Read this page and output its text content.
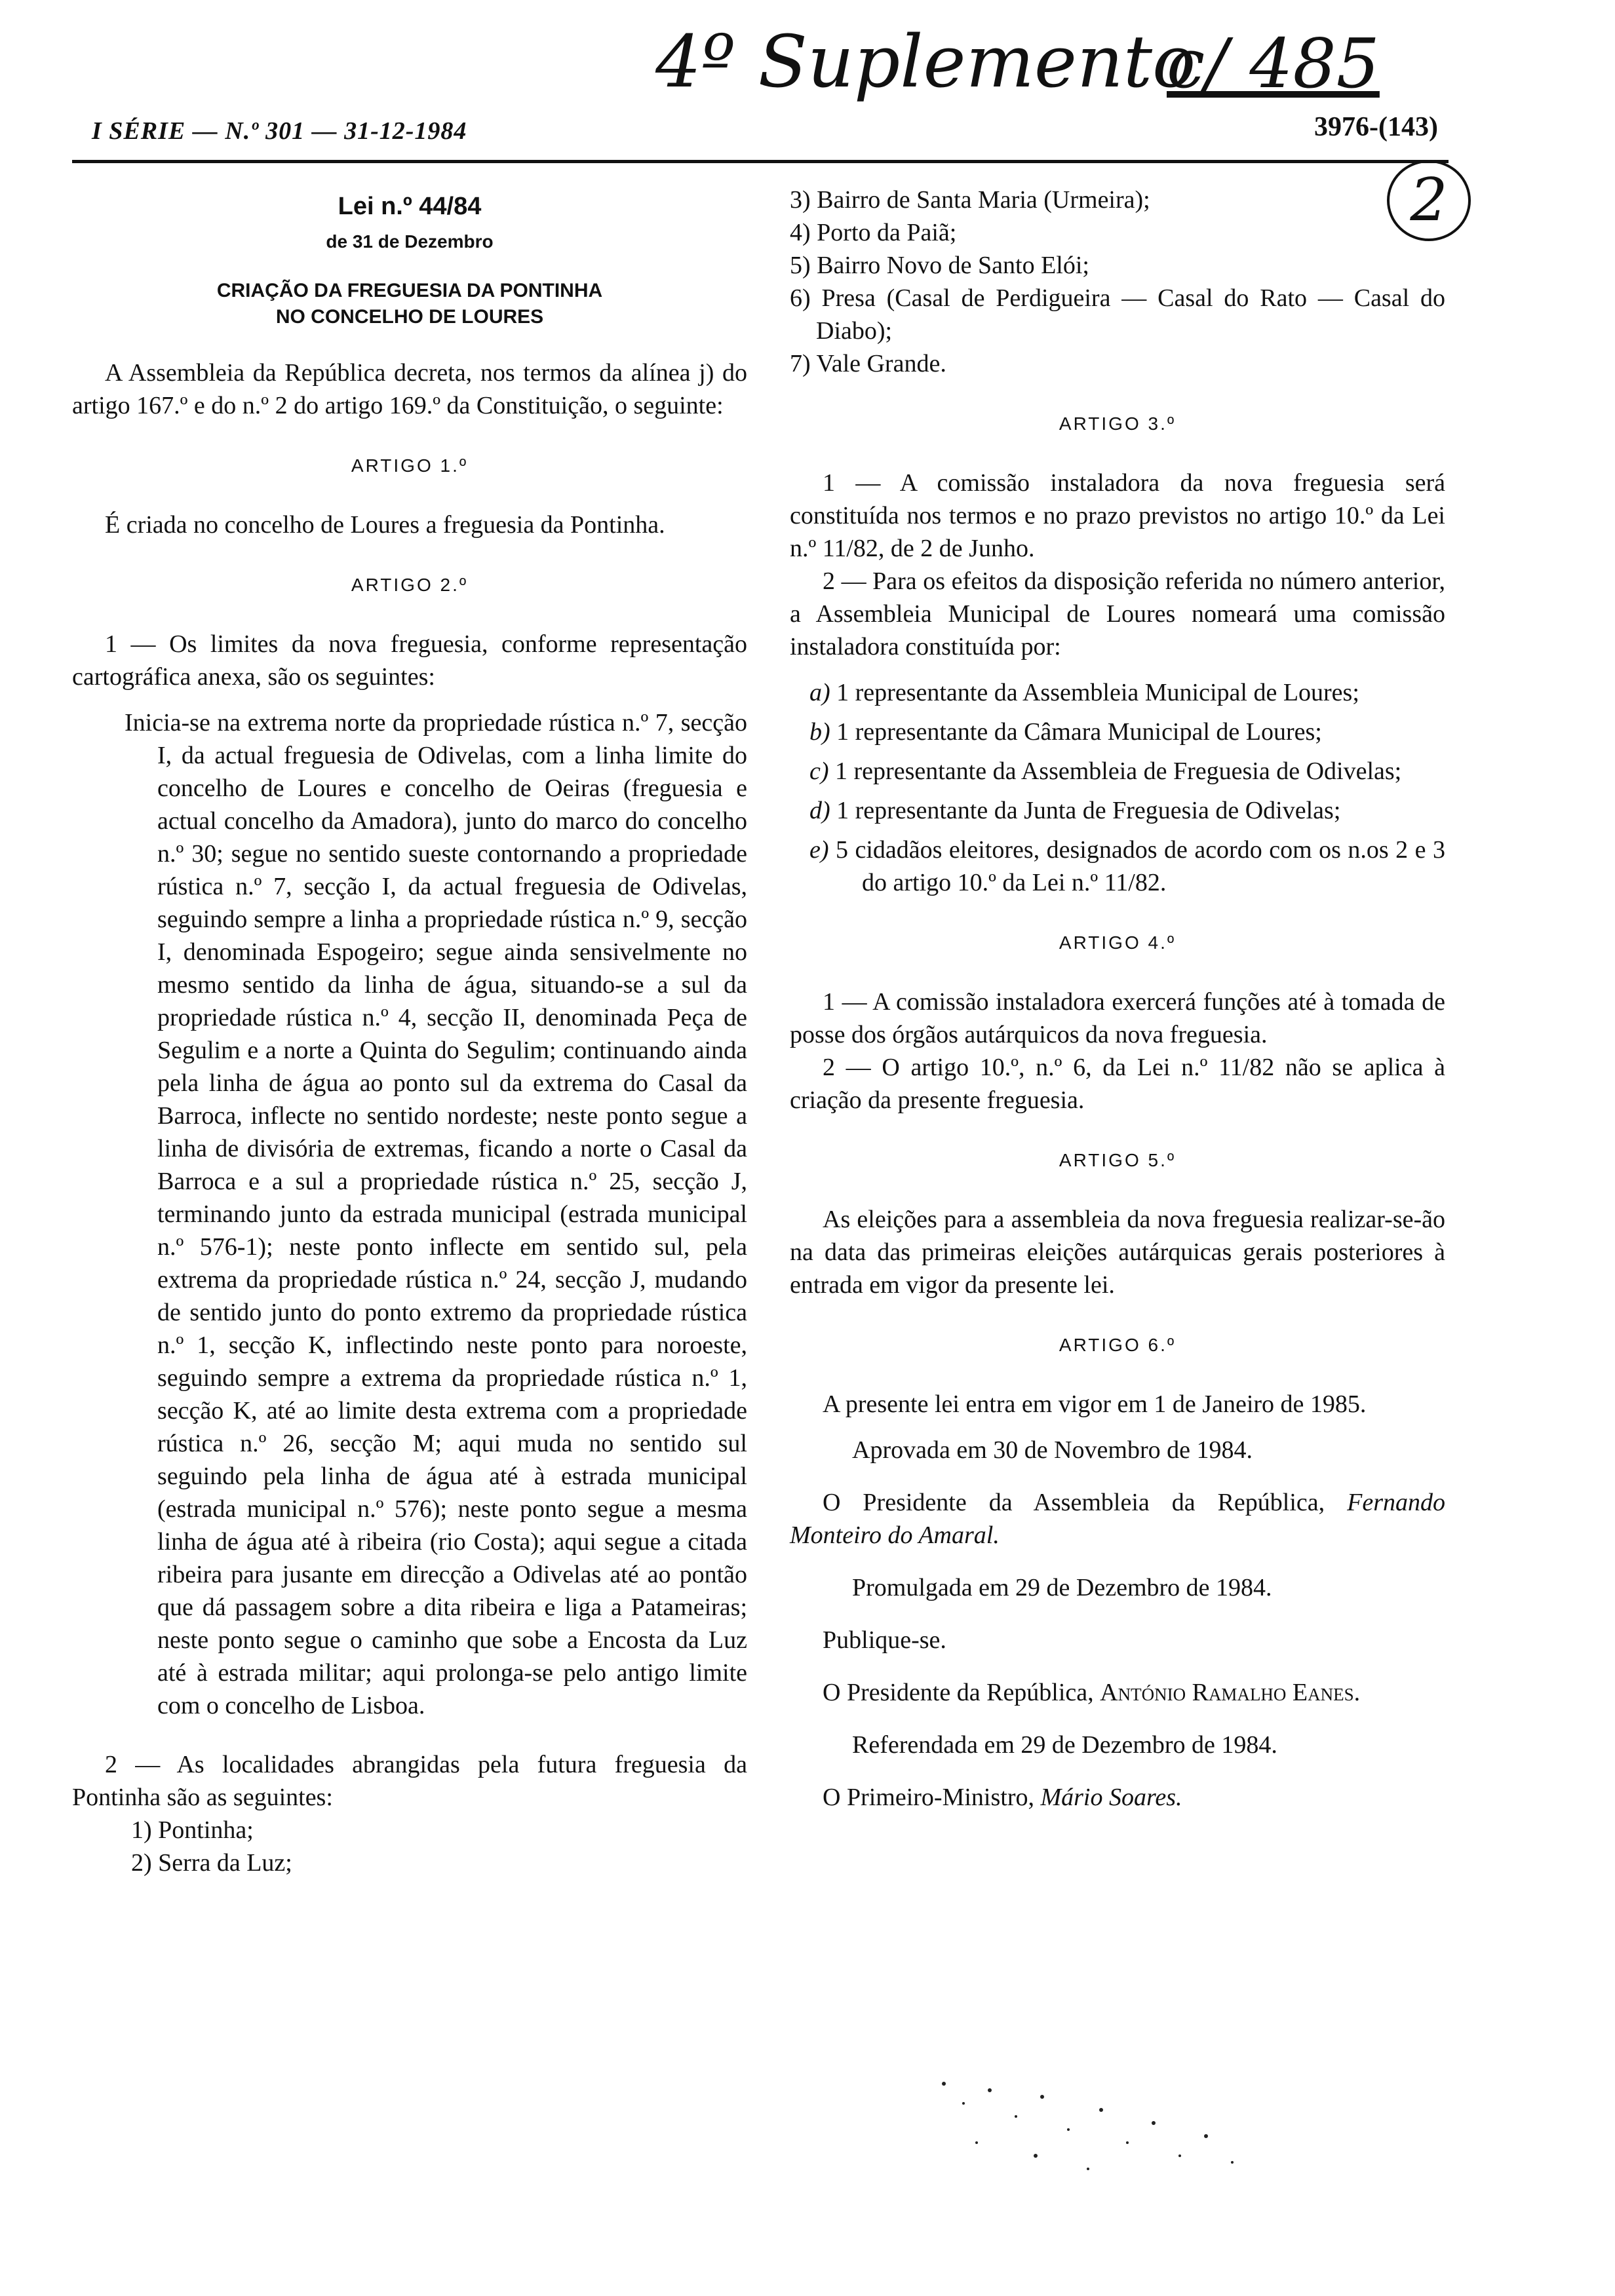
I SÉRIE — N.º 301 — 31-12-1984	3976-(143)
4º Suplemento
c/ 485
2

Lei n.º 44/84

de 31 de Dezembro

CRIAÇÃO DA FREGUESIA DA PONTINHA

NO CONCELHO DE LOURES

A Assembleia da República decreta, nos termos da alínea j) do artigo 167.º e do n.º 2 do artigo 169.º da Constituição, o seguinte:

ARTIGO 1.º

É criada no concelho de Loures a freguesia da Pontinha.

ARTIGO 2.º

1 — Os limites da nova freguesia, conforme representação cartográfica anexa, são os seguintes:

Inicia-se na extrema norte da propriedade rústica n.º 7, secção I, da actual freguesia de Odivelas, com a linha limite do concelho de Loures e concelho de Oeiras (freguesia e actual concelho da Amadora), junto do marco do concelho n.º 30; segue no sentido sueste contornando a propriedade rústica n.º 7, secção I, da actual freguesia de Odivelas, seguindo sempre a linha a propriedade rústica n.º 9, secção I, denominada Espogeiro; segue ainda sensivelmente no mesmo sentido da linha de água, situando-se a sul da propriedade rústica n.º 4, secção II, denominada Peça de Segulim e a norte a Quinta do Segulim; continuando ainda pela linha de água ao ponto sul da extrema do Casal da Barroca, inflecte no sentido nordeste; neste ponto segue a linha de divisória de extremas, ficando a norte o Casal da Barroca e a sul a propriedade rústica n.º 25, secção J, terminando junto da estrada municipal (estrada municipal n.º 576-1); neste ponto inflecte em sentido sul, pela extrema da propriedade rústica n.º 24, secção J, mudando de sentido junto do ponto extremo da propriedade rústica n.º 1, secção K, inflectindo neste ponto para noroeste, seguindo sempre a extrema da propriedade rústica n.º 1, secção K, até ao limite desta extrema com a propriedade rústica n.º 26, secção M; aqui muda no sentido sul seguindo pela linha de água até à estrada municipal (estrada municipal n.º 576); neste ponto segue a mesma linha de água até à ribeira (rio Costa); aqui segue a citada ribeira para jusante em direcção a Odivelas até ao pontão que dá passagem sobre a dita ribeira e liga a Patameiras; neste ponto segue o caminho que sobe a Encosta da Luz até à estrada militar; aqui prolonga-se pelo antigo limite com o concelho de Lisboa.

2 — As localidades abrangidas pela futura freguesia da Pontinha são as seguintes:

1) Pontinha;

2) Serra da Luz;

3) Bairro de Santa Maria (Urmeira);

4) Porto da Paiã;

5) Bairro Novo de Santo Elói;

6) Presa (Casal de Perdigueira — Casal do Rato — Casal do Diabo);

7) Vale Grande.

ARTIGO 3.º

1 — A comissão instaladora da nova freguesia será constituída nos termos e no prazo previstos no artigo 10.º da Lei n.º 11/82, de 2 de Junho.

2 — Para os efeitos da disposição referida no número anterior, a Assembleia Municipal de Loures nomeará uma comissão instaladora constituída por:

a) 1 representante da Assembleia Municipal de Loures;

b) 1 representante da Câmara Municipal de Loures;

c) 1 representante da Assembleia de Freguesia de Odivelas;

d) 1 representante da Junta de Freguesia de Odivelas;

e) 5 cidadãos eleitores, designados de acordo com os n.os 2 e 3 do artigo 10.º da Lei n.º 11/82.

ARTIGO 4.º

1 — A comissão instaladora exercerá funções até à tomada de posse dos órgãos autárquicos da nova freguesia.

2 — O artigo 10.º, n.º 6, da Lei n.º 11/82 não se aplica à criação da presente freguesia.

ARTIGO 5.º

As eleições para a assembleia da nova freguesia realizar-se-ão na data das primeiras eleições autárquicas gerais posteriores à entrada em vigor da presente lei.

ARTIGO 6.º

A presente lei entra em vigor em 1 de Janeiro de 1985.

Aprovada em 30 de Novembro de 1984.

O Presidente da Assembleia da República, Fernando Monteiro do Amaral.

Promulgada em 29 de Dezembro de 1984.

Publique-se.

O Presidente da República, António Ramalho Eanes.

Referendada em 29 de Dezembro de 1984.

O Primeiro-Ministro, Mário Soares.
